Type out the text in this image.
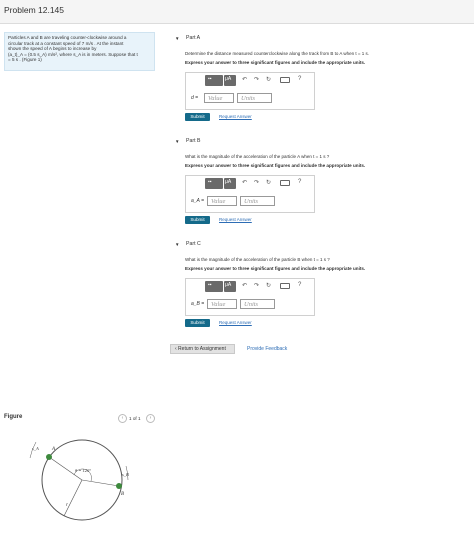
Problem 12.145
Particles A and B are traveling counter-clockwise around a
circular track at a constant speed of 7 m/s . At the instant
shown the speed of A begins to increase by
(a_t)_A = (0.5 s_A) m/s², where s_A is in meters. Suppose that t
= 5 s . (Figure 1)
▼ Part A
Determine the distance measured counterclockwise along the track from B to A when t = 1 s.
Express your answer to three significant figures and include the appropriate units.
▪▪	μA ↶ ↷ ↻	?
d =	Value	Units
Submit	Request Answer
▼ Part B
What is the magnitude of the acceleration of the particle A when t = 1 s ?
Express your answer to three significant figures and include the appropriate units.
▪▪	μA ↶ ↷ ↻	?
a_A =	Value	Units
Submit	Request Answer
▼ Part C
What is the magnitude of the acceleration of the particle B when t = 1 s ?
Express your answer to three significant figures and include the appropriate units.
▪▪	μA ↶ ↷ ↻	?
a_B =	Value	Units
Submit	Request Answer
‹ Return to Assignment	Provide Feedback
Figure	‹	1 of 1	›
A
B
s_A
s_B
θ = 120°
r
